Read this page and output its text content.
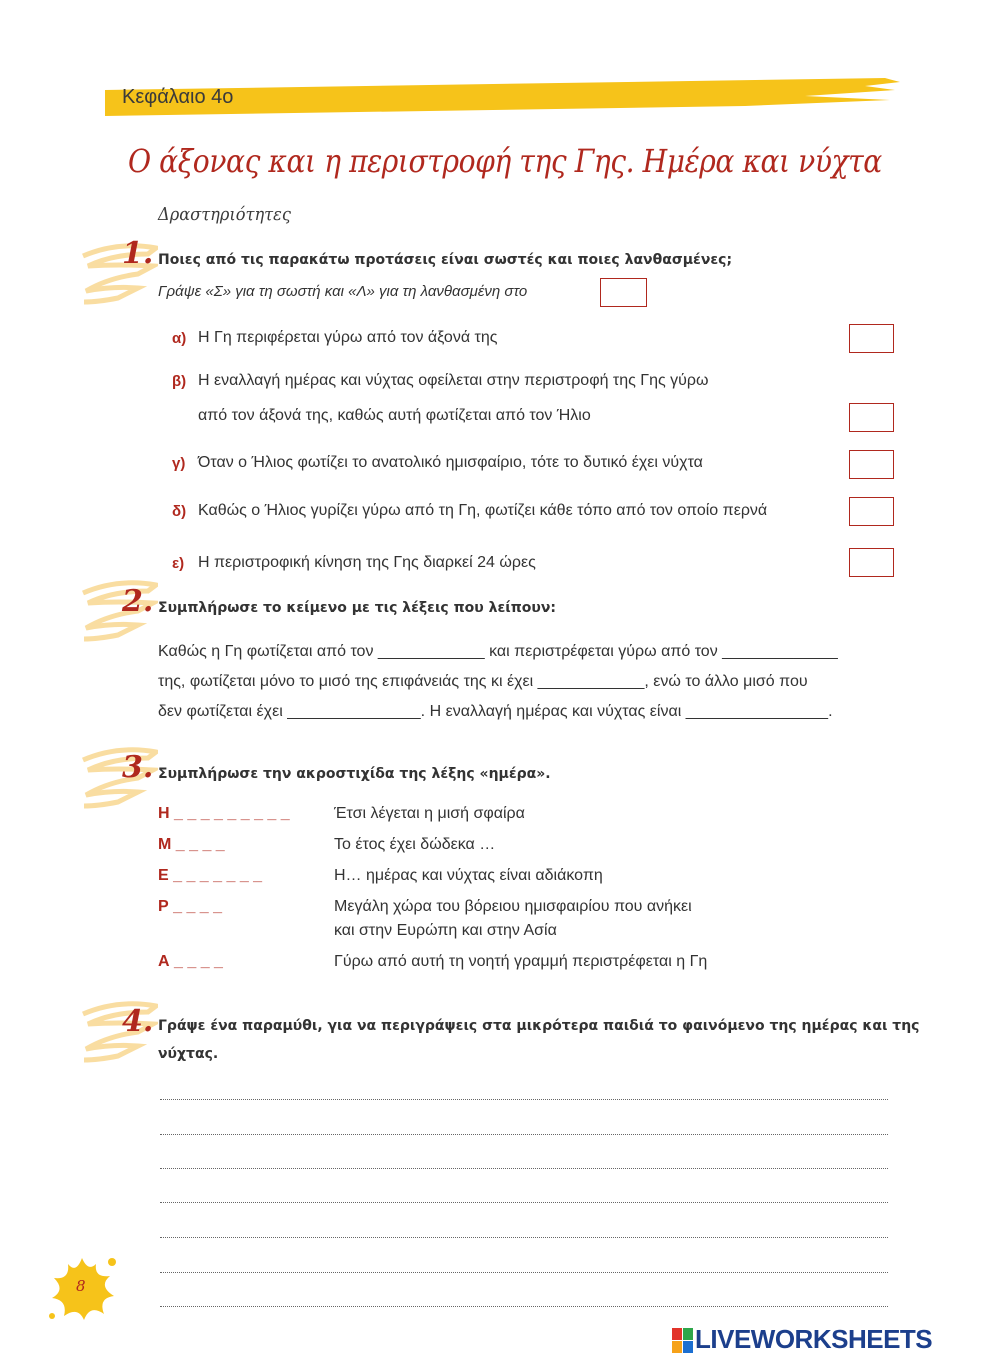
Κεφάλαιο 4ο
Ο άξονας και η περιστροφή της Γης. Ημέρα και νύχτα
Δραστηριότητες
1. Ποιες από τις παρακάτω προτάσεις είναι σωστές και ποιες λανθασμένες;
Γράψε «Σ» για τη σωστή και «Λ» για τη λανθασμένη στο
α) Η Γη περιφέρεται γύρω από τον άξονά της
β) Η εναλλαγή ημέρας και νύχτας οφείλεται στην περιστροφή της Γης γύρω
από τον άξονά της, καθώς αυτή φωτίζεται από τον Ήλιο
γ) Όταν ο Ήλιος φωτίζει το ανατολικό ημισφαίριο, τότε το δυτικό έχει νύχτα
δ) Καθώς ο Ήλιος γυρίζει γύρω από τη Γη, φωτίζει κάθε τόπο από τον οποίο περνά
ε) Η περιστροφική κίνηση της Γης διαρκεί 24 ώρες
2. Συμπλήρωσε το κείμενο με τις λέξεις που λείπουν:
Καθώς η Γη φωτίζεται από τον ____________ και περιστρέφεται γύρω από τον _____________
της, φωτίζεται μόνο το μισό της επιφάνειάς της κι έχει ____________, ενώ το άλλο μισό που
δεν φωτίζεται έχει _______________. Η εναλλαγή ημέρας και νύχτας είναι ________________.
3. Συμπλήρωσε την ακροστιχίδα της λέξης «ημέρα».
Η _ _ _ _ _ _ _ _ _	Έτσι λέγεται η μισή σφαίρα
Μ _ _ _ _	Το έτος έχει δώδεκα …
Ε _ _ _ _ _ _ _	Η… ημέρας και νύχτας είναι αδιάκοπη
Ρ _ _ _ _	Μεγάλη χώρα του βόρειου ημισφαιρίου που ανήκει
και στην Ευρώπη και στην Ασία
Α _ _ _ _	Γύρω από αυτή τη νοητή γραμμή περιστρέφεται η Γη
4. Γράψε ένα παραμύθι, για να περιγράψεις στα μικρότερα παιδιά το φαινόμενο της ημέρας και της
νύχτας.
8
LIVEWORKSHEETS
